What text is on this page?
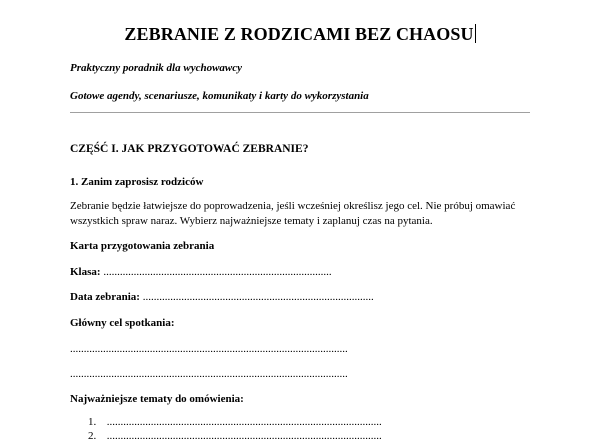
ZEBRANIE Z RODZICAMI BEZ CHAOSU
Praktyczny poradnik dla wychowawcy
Gotowe agendy, scenariusze, komunikaty i karty do wykorzystania
CZĘŚĆ I. JAK PRZYGOTOWAĆ ZEBRANIE?
1. Zanim zaprosisz rodziców
Zebranie będzie łatwiejsze do poprowadzenia, jeśli wcześniej określisz jego cel. Nie próbuj omawiać
wszystkich spraw naraz. Wybierz najważniejsze tematy i zaplanuj czas na pytania.
Karta przygotowania zebrania
Klasa: ...................................................................................
Data zebrania: ....................................................................................
Główny cel spotkania:
.....................................................................................................
.....................................................................................................
Najważniejsze tematy do omówienia:
1. ....................................................................................................
2. ....................................................................................................
